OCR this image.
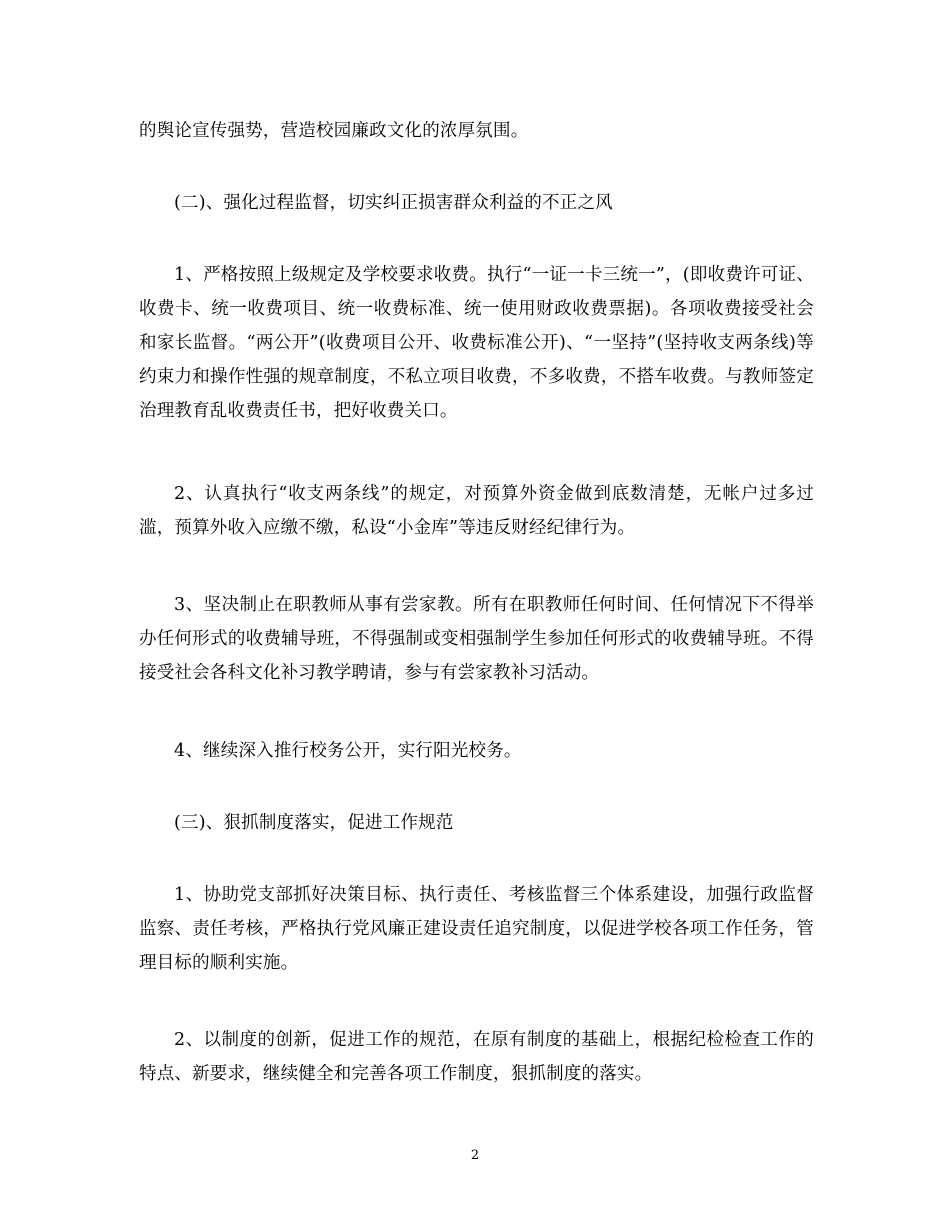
的舆论宣传强势，营造校园廉政文化的浓厚氛围。

(二)、强化过程监督，切实纠正损害群众利益的不正之风

1、严格按照上级规定及学校要求收费。执行“一证一卡三统一”，(即收费许可证、收费卡、统一收费项目、统一收费标准、统一使用财政收费票据)。各项收费接受社会和家长监督。“两公开”(收费项目公开、收费标准公开)、“一坚持”(坚持收支两条线)等约束力和操作性强的规章制度，不私立项目收费，不多收费，不搭车收费。与教师签定治理教育乱收费责任书，把好收费关口。

2、认真执行“收支两条线”的规定，对预算外资金做到底数清楚，无帐户过多过滥，预算外收入应缴不缴，私设“小金库”等违反财经纪律行为。

3、坚决制止在职教师从事有尝家教。所有在职教师任何时间、任何情况下不得举办任何形式的收费辅导班，不得强制或变相强制学生参加任何形式的收费辅导班。不得接受社会各科文化补习教学聘请，参与有尝家教补习活动。

4、继续深入推行校务公开，实行阳光校务。

(三)、狠抓制度落实，促进工作规范

1、协助党支部抓好决策目标、执行责任、考核监督三个体系建设，加强行政监督监察、责任考核，严格执行党风廉正建设责任追究制度，以促进学校各项工作任务，管理目标的顺利实施。

2、以制度的创新，促进工作的规范，在原有制度的基础上，根据纪检检查工作的特点、新要求，继续健全和完善各项工作制度，狠抓制度的落实。

2
